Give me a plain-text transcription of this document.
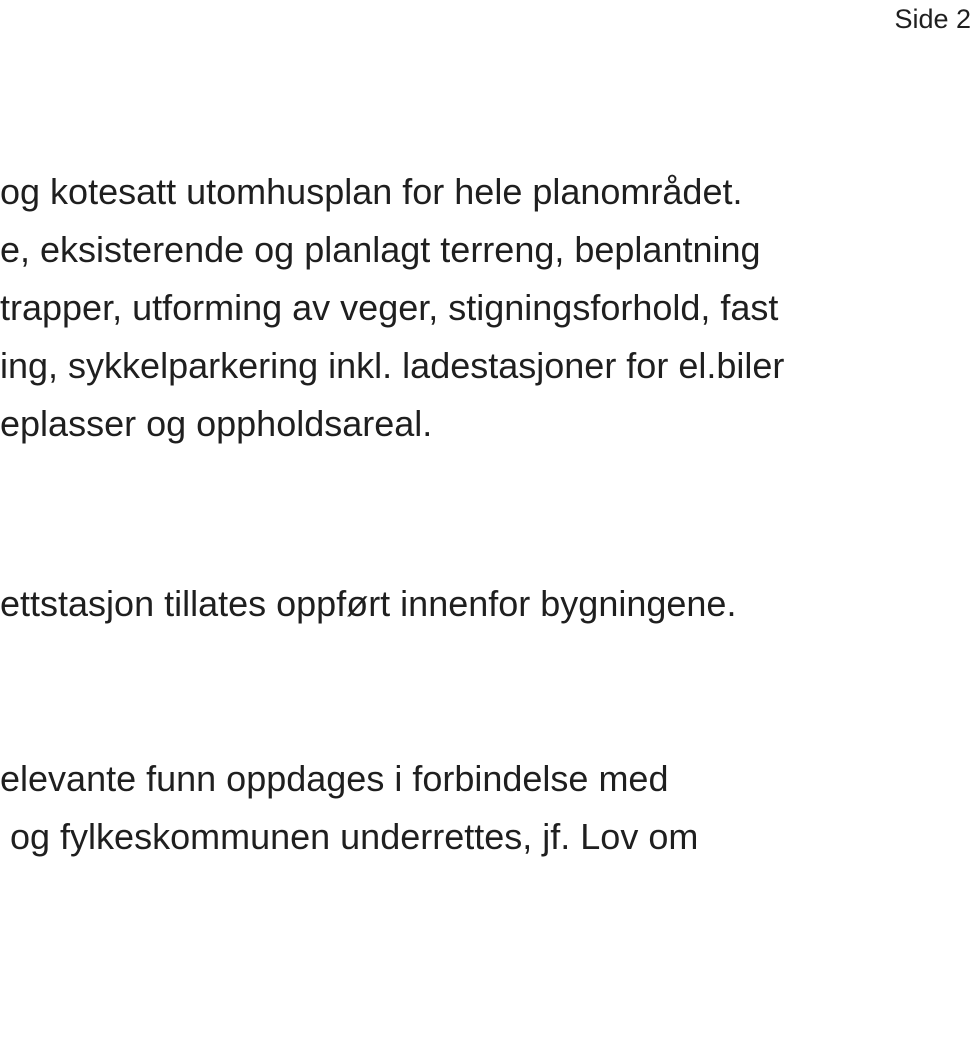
Side 2

og kotesatt utomhusplan for hele planområdet.

e, eksisterende og planlagt terreng, beplantning

trapper, utforming av veger, stigningsforhold, fast

ing, sykkelparkering inkl. ladestasjoner for el.biler

eplasser og oppholdsareal.

ettstasjon tillates oppført innenfor bygningene.

elevante funn oppdages i forbindelse med

og fylkeskommunen underrettes, jf. Lov om
